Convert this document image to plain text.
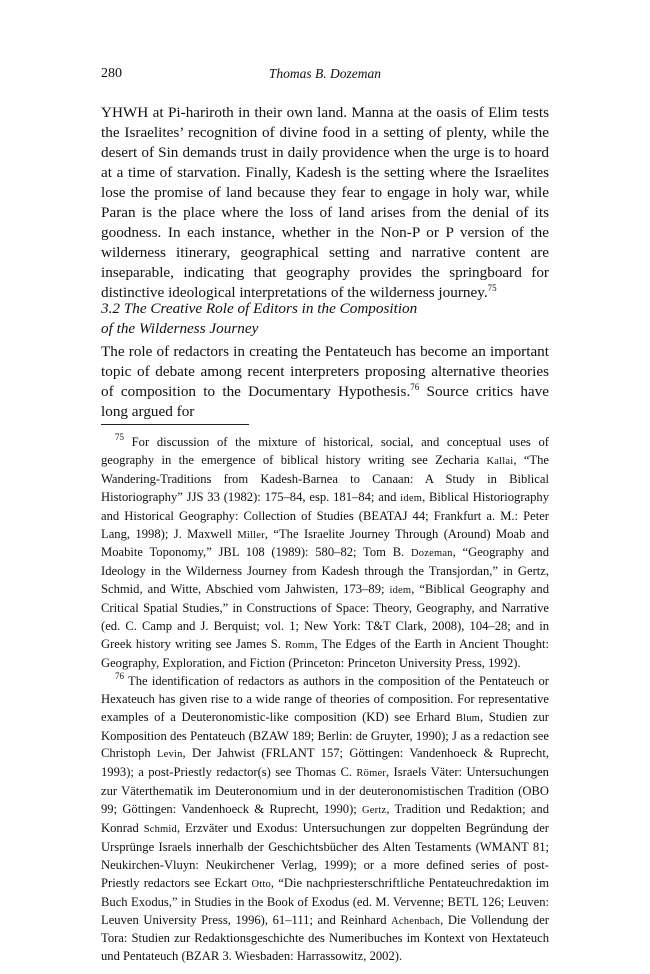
280	Thomas B. Dozeman

YHWH at Pi-hariroth in their own land. Manna at the oasis of Elim tests the Israelites’ recognition of divine food in a setting of plenty, while the desert of Sin demands trust in daily providence when the urge is to hoard at a time of starvation. Finally, Kadesh is the setting where the Israelites lose the promise of land because they fear to engage in holy war, while Paran is the place where the loss of land arises from the denial of its goodness. In each instance, whether in the Non-P or P version of the wilderness itinerary, geographical setting and narrative content are inseparable, indicating that geography provides the springboard for distinctive ideological interpretations of the wilderness journey.$^{75}$

3.2 The Creative Role of Editors in the Composition
of the Wilderness Journey

The role of redactors in creating the Pentateuch has become an important topic of debate among recent interpreters proposing alternative theories of composition to the Documentary Hypothesis.$^{76}$ Source critics have long argued for

$^{75}$ For discussion of the mixture of historical, social, and conceptual uses of geography in the emergence of biblical history writing see Zecharia Kallai, “The Wandering-Traditions from Kadesh-Barnea to Canaan: A Study in Biblical Historiography” JJS 33 (1982): 175–84, esp. 181–84; and idem, Biblical Historiography and Historical Geography: Collection of Studies (BEATAJ 44; Frankfurt a. M.: Peter Lang, 1998); J. Maxwell Miller, “The Israelite Journey Through (Around) Moab and Moabite Toponomy,” JBL 108 (1989): 580–82; Tom B. Dozeman, “Geography and Ideology in the Wilderness Journey from Kadesh through the Transjordan,” in Gertz, Schmid, and Witte, Abschied vom Jahwisten, 173–89; idem, “Biblical Geography and Critical Spatial Studies,” in Constructions of Space: Theory, Geography, and Narrative (ed. C. Camp and J. Berquist; vol. 1; New York: T&T Clark, 2008), 104–28; and in Greek history writing see James S. Romm, The Edges of the Earth in Ancient Thought: Geography, Exploration, and Fiction (Princeton: Princeton University Press, 1992).

$^{76}$ The identification of redactors as authors in the composition of the Pentateuch or Hexateuch has given rise to a wide range of theories of composition. For representative examples of a Deuteronomistic-like composition (KD) see Erhard Blum, Studien zur Komposition des Pentateuch (BZAW 189; Berlin: de Gruyter, 1990); J as a redaction see Christoph Levin, Der Jahwist (FRLANT 157; Göttingen: Vandenhoeck & Ruprecht, 1993); a post-Priestly redactor(s) see Thomas C. Römer, Israels Väter: Untersuchungen zur Väterthematik im Deuteronomium und in der deuteronomistischen Tradition (OBO 99; Göttingen: Vandenhoeck & Ruprecht, 1990); Gertz, Tradition und Redaktion; and Konrad Schmid, Erzväter und Exodus: Untersuchungen zur doppelten Begründung der Ursprünge Israels innerhalb der Geschichtsbücher des Alten Testaments (WMANT 81; Neukirchen-Vluyn: Neukirchener Verlag, 1999); or a more defined series of post-Priestly redactors see Eckart Otto, “Die nachpriesterschriftliche Pentateuchredaktion im Buch Exodus,” in Studies in the Book of Exodus (ed. M. Vervenne; BETL 126; Leuven: Leuven University Press, 1996), 61–111; and Reinhard Achenbach, Die Vollendung der Tora: Studien zur Redaktionsgeschichte des Numeribuches im Kontext von Hextateuch und Pentateuch (BZAR 3. Wiesbaden: Harrassowitz, 2002).
